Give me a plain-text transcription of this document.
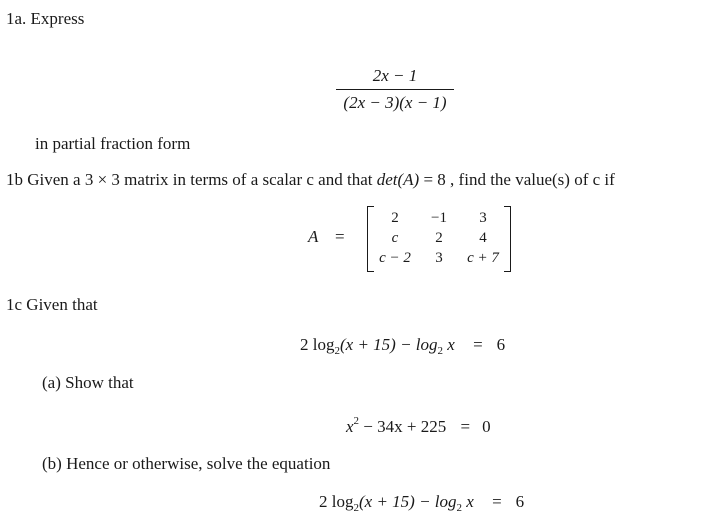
1a. Express
2x − 1
(2x − 3)(x − 1)
in partial fraction form
1b Given a 3 × 3 matrix in terms of a scalar c and that det(A) = 8 , find the value(s) of c if
A =
2	−1	3
c	2	4
c − 2	3	c + 7
1c Given that
2 $\log_2(x + 15) - \log_2 x = 6$
(a) Show that
$x^2 - 34x + 225 = 0$
(b) Hence or otherwise, solve the equation
2 $\log_2(x + 15) - \log_2 x = 6$
